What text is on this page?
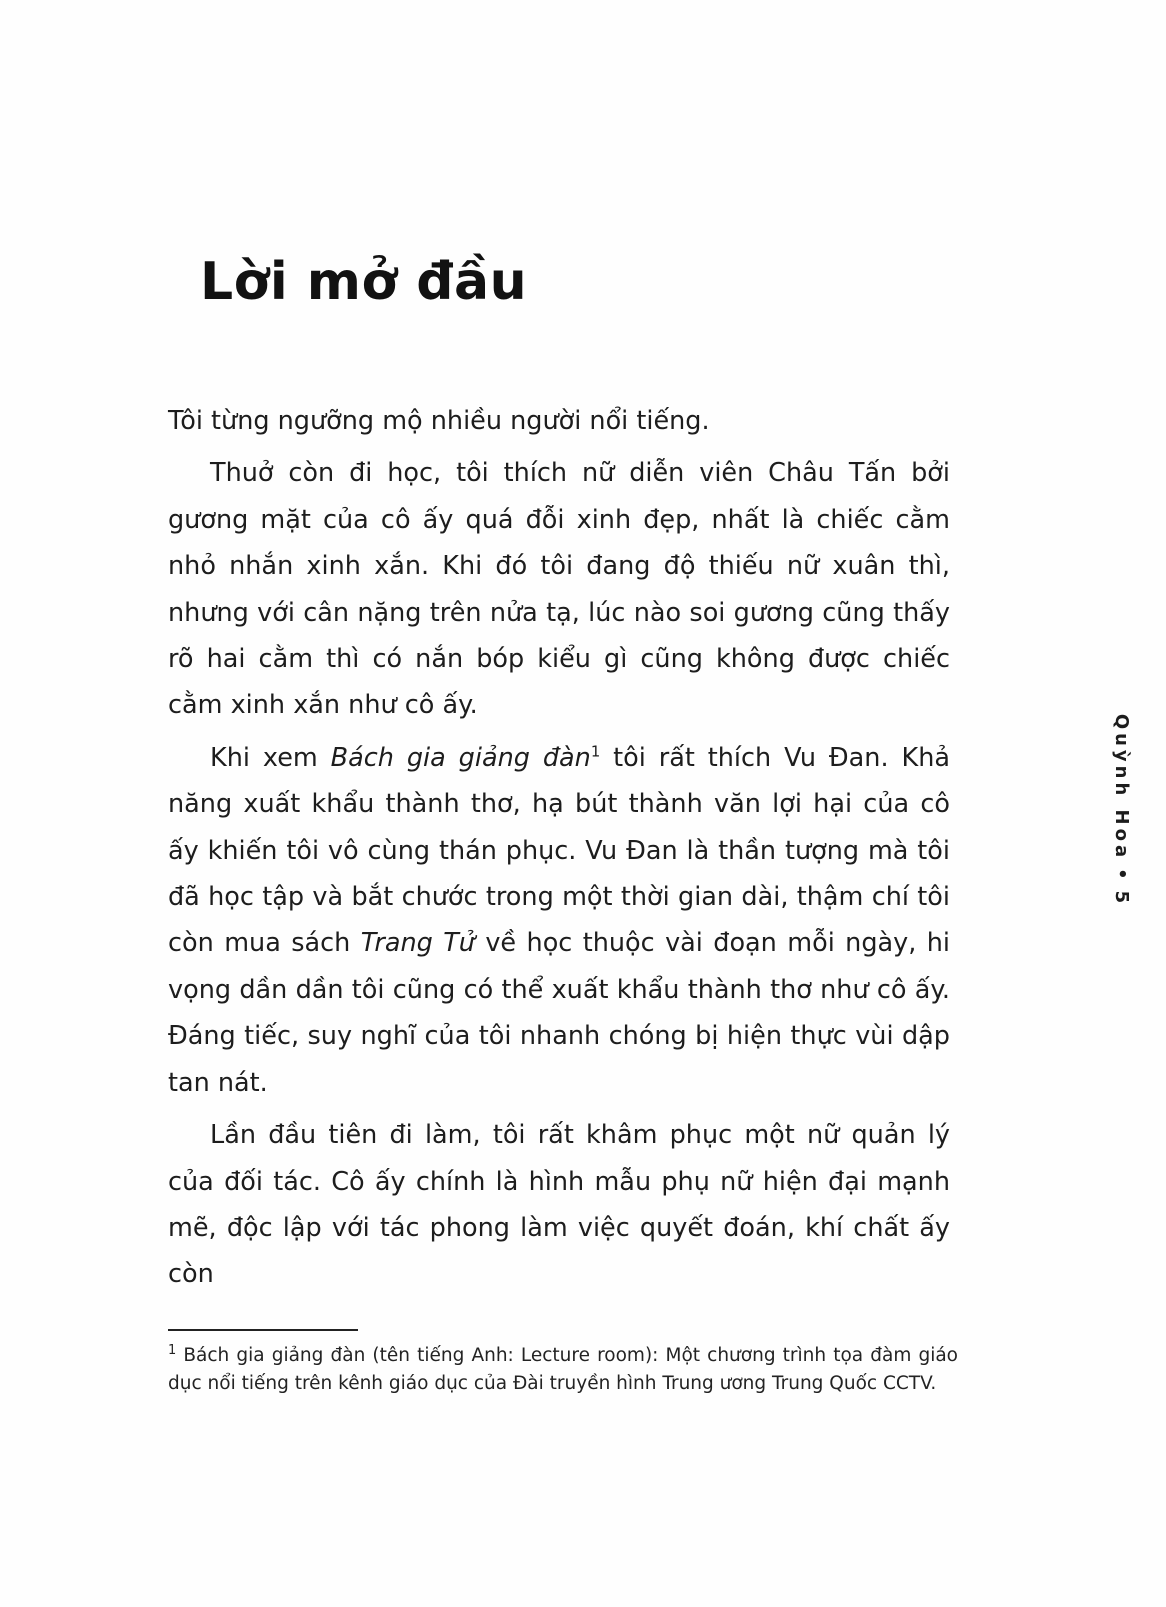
Lời mở đầu

Tôi từng ngưỡng mộ nhiều người nổi tiếng.

Thuở còn đi học, tôi thích nữ diễn viên Châu Tấn bởi gương mặt của cô ấy quá đỗi xinh đẹp, nhất là chiếc cằm nhỏ nhắn xinh xắn. Khi đó tôi đang độ thiếu nữ xuân thì, nhưng với cân nặng trên nửa tạ, lúc nào soi gương cũng thấy rõ hai cằm thì có nắn bóp kiểu gì cũng không được chiếc cằm xinh xắn như cô ấy.

Khi xem Bách gia giảng đàn$^1$ tôi rất thích Vu Đan. Khả năng xuất khẩu thành thơ, hạ bút thành văn lợi hại của cô ấy khiến tôi vô cùng thán phục. Vu Đan là thần tượng mà tôi đã học tập và bắt chước trong một thời gian dài, thậm chí tôi còn mua sách Trang Tử về học thuộc vài đoạn mỗi ngày, hi vọng dần dần tôi cũng có thể xuất khẩu thành thơ như cô ấy. Đáng tiếc, suy nghĩ của tôi nhanh chóng bị hiện thực vùi dập tan nát.

Lần đầu tiên đi làm, tôi rất khâm phục một nữ quản lý của đối tác. Cô ấy chính là hình mẫu phụ nữ hiện đại mạnh mẽ, độc lập với tác phong làm việc quyết đoán, khí chất ấy còn

$^1$ Bách gia giảng đàn (tên tiếng Anh: Lecture room): Một chương trình tọa đàm giáo dục nổi tiếng trên kênh giáo dục của Đài truyền hình Trung ương Trung Quốc CCTV.
Quỳnh Hoa•5
